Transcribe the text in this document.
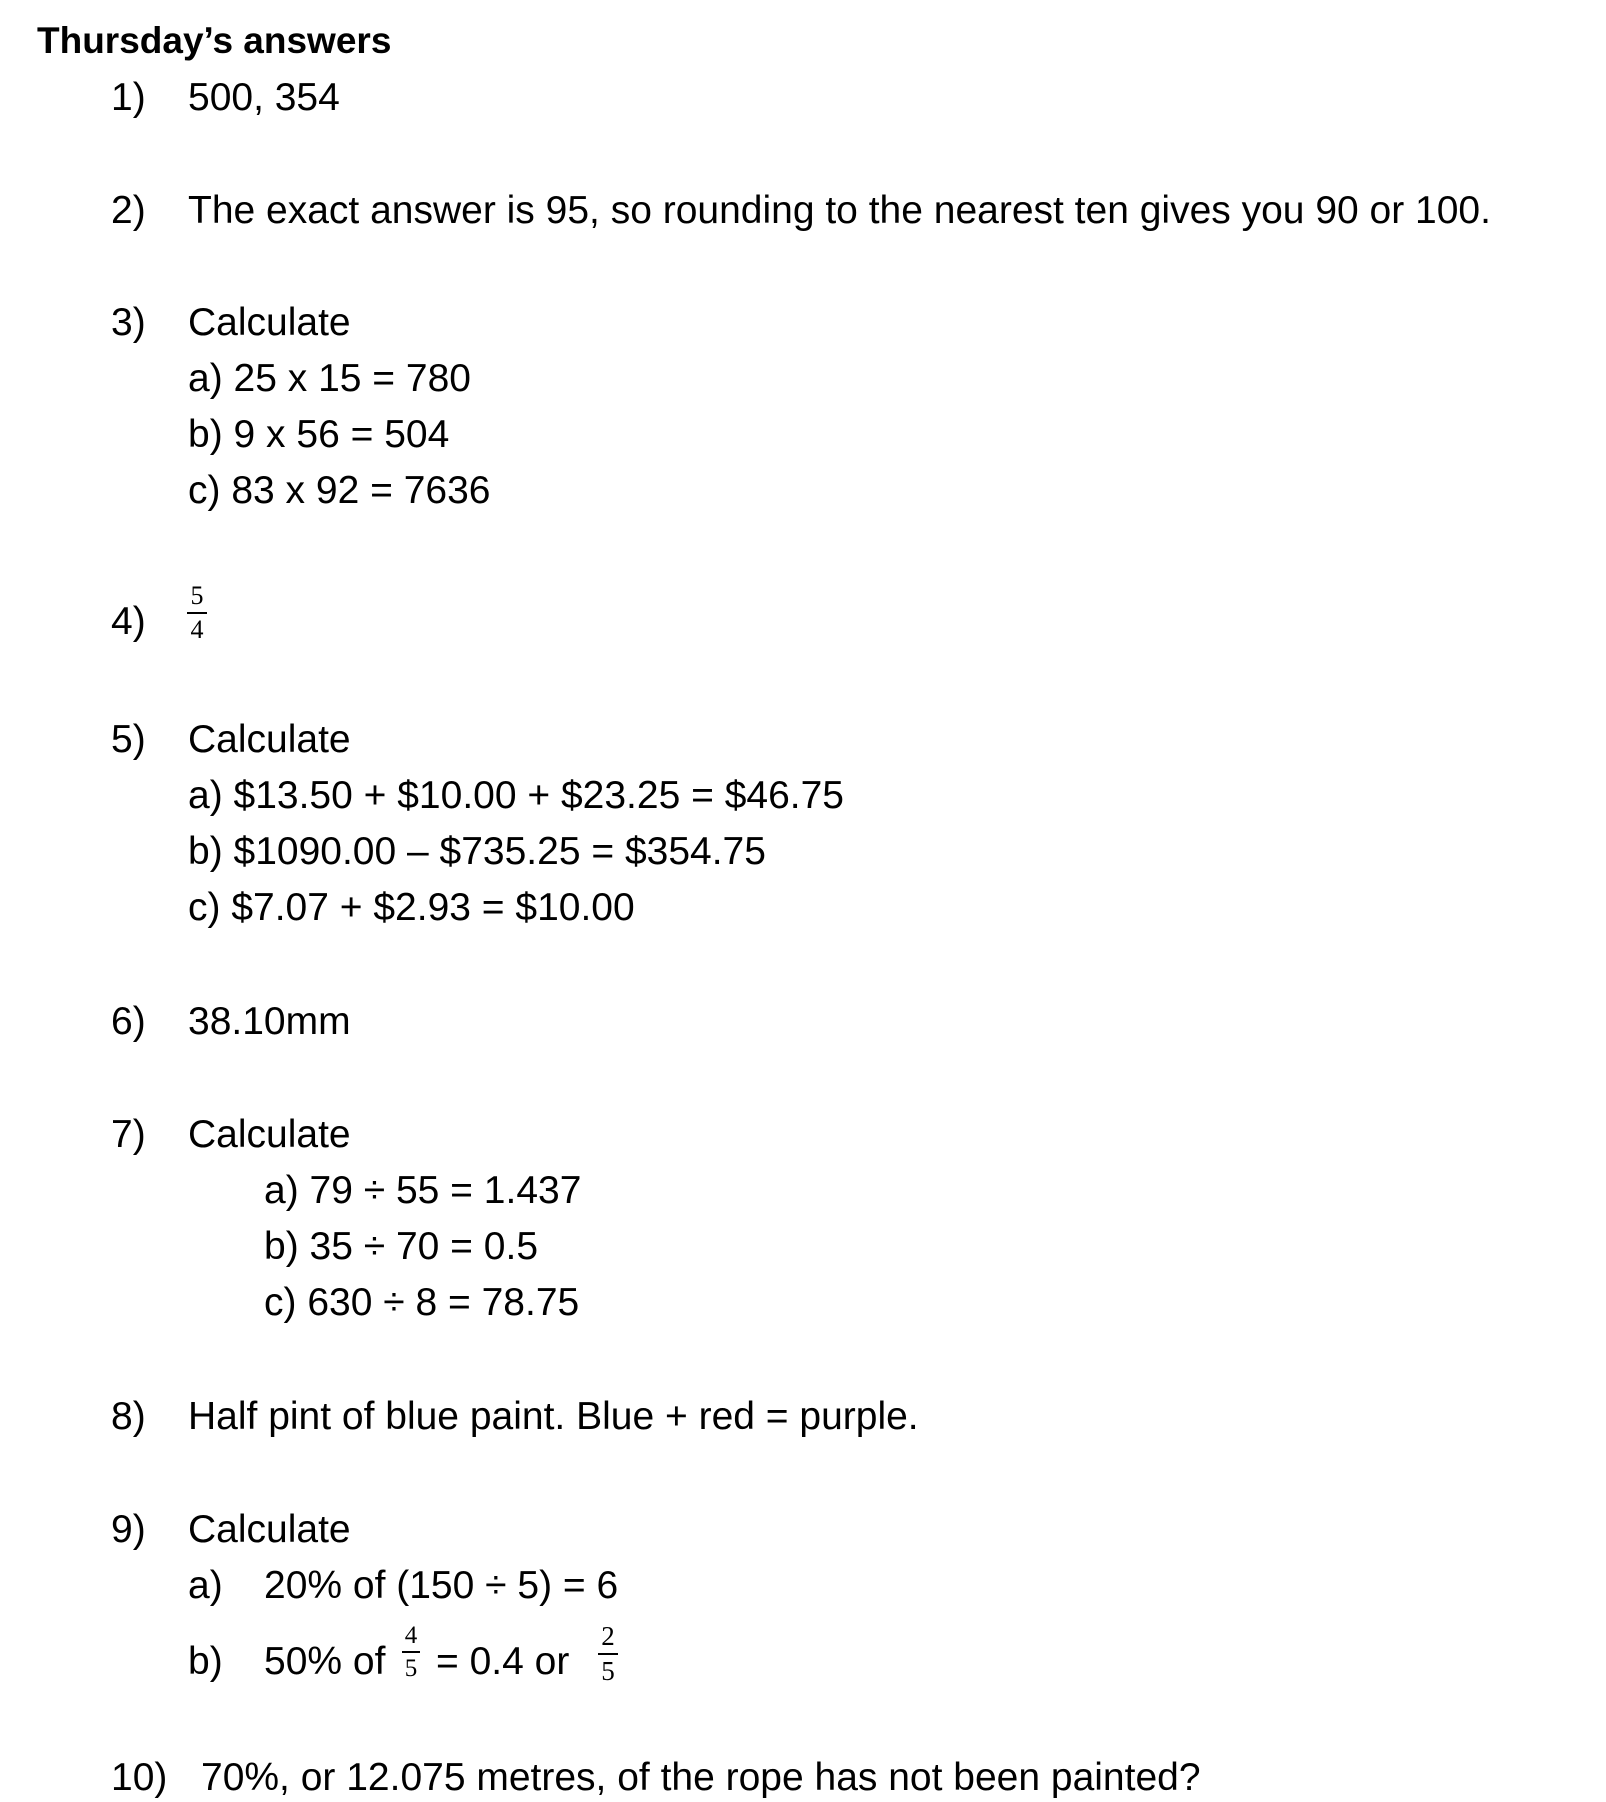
Thursday’s answers
1) 500, 354
2) The exact answer is 95, so rounding to the nearest ten gives you 90 or 100.
3) Calculate
a) 25 x 15 = 780
b) 9 x 56 = 504
c) 83 x 92 = 7636
4)
5
4
5) Calculate
a) $13.50 + $10.00 + $23.25 = $46.75
b) $1090.00 – $735.25 = $354.75
c) $7.07 + $2.93 = $10.00
6) 38.10mm
7) Calculate
a) 79 ÷ 55 = 1.437
b) 35 ÷ 70 = 0.5
c) 630 ÷ 8 = 78.75
8) Half pint of blue paint. Blue + red = purple.
9) Calculate
a) 20% of (150 ÷ 5) = 6
b) 50% of
4
5 = 0.4 or
2
5
10) 70%, or 12.075 metres, of the rope has not been painted?
